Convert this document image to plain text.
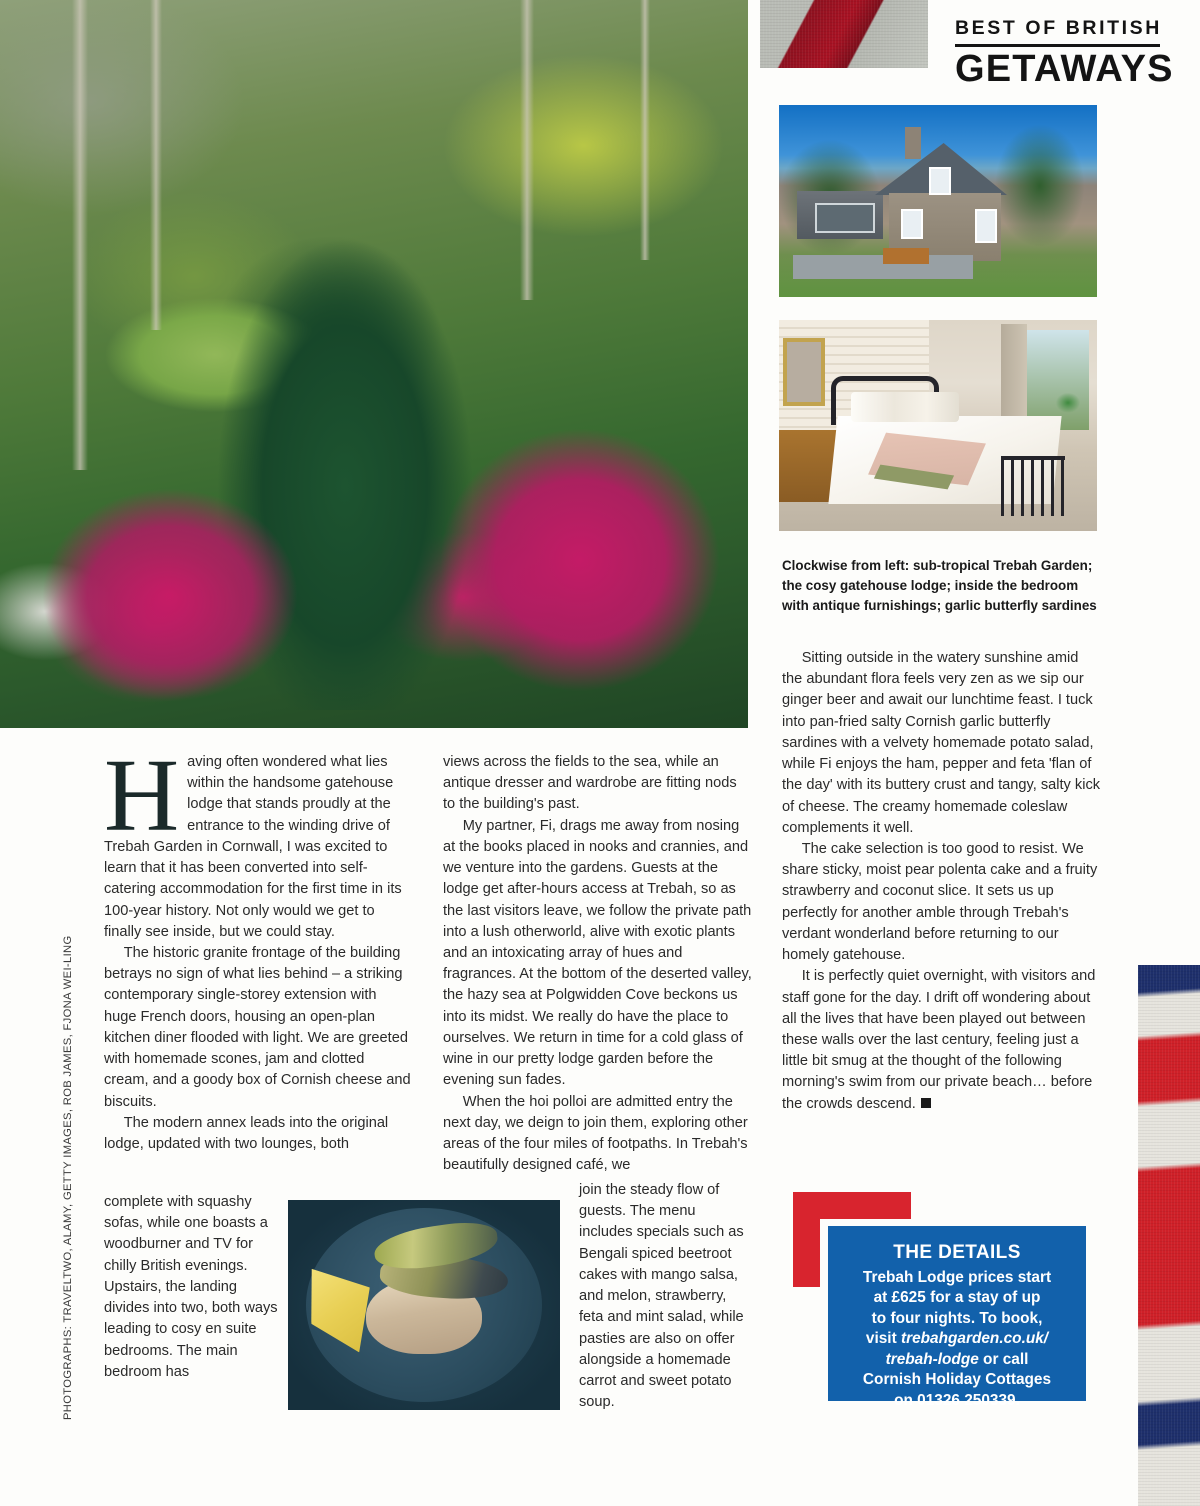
BEST OF BRITISH
GETAWAYS
Clockwise from left: sub-tropical Trebah Garden; the cosy gatehouse lodge; inside the bedroom with antique furnishings; garlic butterfly sardines

Having often wondered what lies within the handsome gatehouse lodge that stands proudly at the entrance to the winding drive of Trebah Garden in Cornwall, I was excited to learn that it has been converted into self-catering accommodation for the first time in its 100-year history. Not only would we get to finally see inside, but we could stay.

The historic granite frontage of the building betrays no sign of what lies behind – a striking contemporary single-storey extension with huge French doors, housing an open-plan kitchen diner flooded with light. We are greeted with homemade scones, jam and clotted cream, and a goody box of Cornish cheese and biscuits.

The modern annex leads into the original lodge, updated with two lounges, both

complete with squashy sofas, while one boasts a woodburner and TV for chilly British evenings. Upstairs, the landing divides into two, both ways leading to cosy en suite bedrooms. The main bedroom has

views across the fields to the sea, while an antique dresser and wardrobe are fitting nods to the building's past.

My partner, Fi, drags me away from nosing at the books placed in nooks and crannies, and we venture into the gardens. Guests at the lodge get after-hours access at Trebah, so as the last visitors leave, we follow the private path into a lush otherworld, alive with exotic plants and an intoxicating array of hues and fragrances. At the bottom of the deserted valley, the hazy sea at Polgwidden Cove beckons us into its midst. We really do have the place to ourselves. We return in time for a cold glass of wine in our pretty lodge garden before the evening sun fades.

When the hoi polloi are admitted entry the next day, we deign to join them, exploring other areas of the four miles of footpaths. In Trebah's beautifully designed café, we

join the steady flow of guests. The menu includes specials such as Bengali spiced beetroot cakes with mango salsa, and melon, strawberry, feta and mint salad, while pasties are also on offer alongside a homemade carrot and sweet potato soup.

Sitting outside in the watery sunshine amid the abundant flora feels very zen as we sip our ginger beer and await our lunchtime feast. I tuck into pan-fried salty Cornish garlic butterfly sardines with a velvety homemade potato salad, while Fi enjoys the ham, pepper and feta 'flan of the day' with its buttery crust and tangy, salty kick of cheese. The creamy homemade coleslaw complements it well.

The cake selection is too good to resist. We share sticky, moist pear polenta cake and a fruity strawberry and coconut slice. It sets us up perfectly for another amble through Trebah's verdant wonderland before returning to our homely gatehouse.

It is perfectly quiet overnight, with visitors and staff gone for the day. I drift off wondering about all the lives that have been played out between these walls over the last century, feeling just a little bit smug at the thought of the following morning's swim from our private beach… before the crowds descend.

PHOTOGRAPHS: TRAVELTWO, ALAMY, GETTY IMAGES, ROB JAMES, FJONA WEI-LING	THE DETAILS
Trebah Lodge prices start
at £625 for a stay of up
to four nights. To book,
visit trebahgarden.co.uk/
trebah-lodge or call
Cornish Holiday Cottages
on 01326 250339.
